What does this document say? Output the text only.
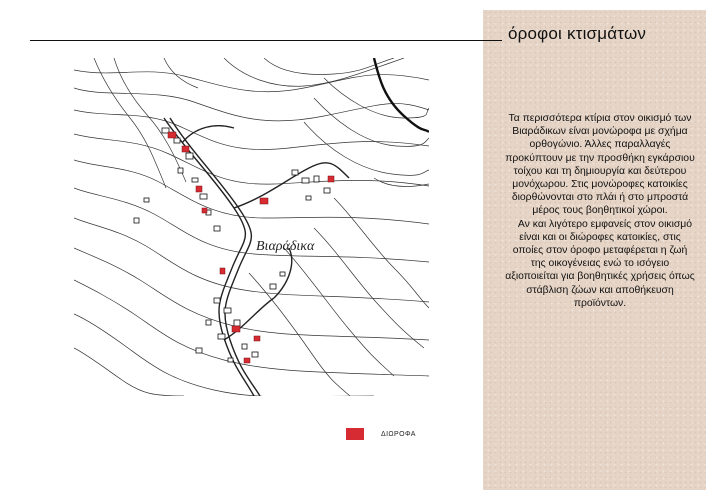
όροφοι κτισμάτων

Τα περισσότερα κτίρια στον οικισμό των Βιαράδικων είναι μονώροφα με σχήμα ορθογώνιο. Άλλες παραλλαγές προκύπτουν με την προσθήκη εγκάρσιου τοίχου και τη δημιουργία και δεύτερου μονόχωρου. Στις μονώροφες κατοικίες διορθώνονται στο πλάι ή στο μπροστά μέρος τους βοηθητικοί χώροι.

Αν και λιγότερο εμφανείς στον οικισμό είναι και οι διώροφες κατοικίες, στις οποίες στον όροφο μεταφέρεται η ζωή της οικογένειας ενώ το ισόγειο αξιοποιείται για βοηθητικές χρήσεις όπως στάβλιση ζώων και αποθήκευση προϊόντων.

Βιαράδικα
ΔΙΩΡΟΦΑ
